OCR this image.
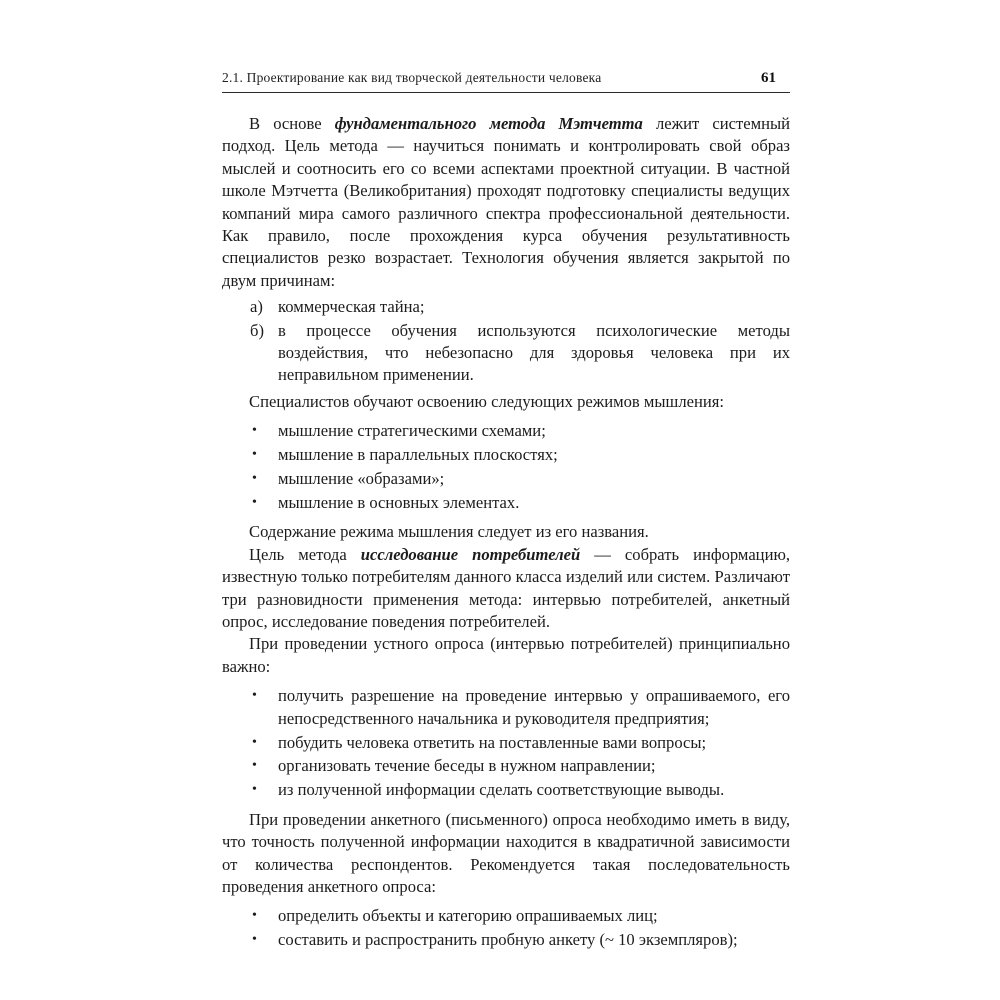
2.1. Проектирование как вид творческой деятельности человека	61

В основе фундаментального метода Мэтчетта лежит системный подход. Цель метода — научиться понимать и контролировать свой образ мыслей и соотносить его со всеми аспектами проектной ситуации. В частной школе Мэтчетта (Великобритания) проходят подготовку специалисты ведущих компаний мира самого различного спектра профессиональной деятельности. Как правило, после прохождения курса обучения результативность специалистов резко возрастает. Технология обучения является закрытой по двум причинам:

а) коммерческая тайна;
б) в процессе обучения используются психологические методы воздействия, что небезопасно для здоровья человека при их неправильном применении.

Специалистов обучают освоению следующих режимов мышления:

•	мышление стратегическими схемами;
•	мышление в параллельных плоскостях;
•	мышление «образами»;
•	мышление в основных элементах.

Содержание режима мышления следует из его названия.

Цель метода исследование потребителей — собрать информацию, известную только потребителям данного класса изделий или систем. Различают три разновидности применения метода: интервью потребителей, анкетный опрос, исследование поведения потребителей.

При проведении устного опроса (интервью потребителей) принципиально важно:

•	получить разрешение на проведение интервью у опрашиваемого, его непосредственного начальника и руководителя предприятия;
•	побудить человека ответить на поставленные вами вопросы;
•	организовать течение беседы в нужном направлении;
•	из полученной информации сделать соответствующие выводы.

При проведении анкетного (письменного) опроса необходимо иметь в виду, что точность полученной информации находится в квадратичной зависимости от количества респондентов. Рекомендуется такая последовательность проведения анкетного опроса:

•	определить объекты и категорию опрашиваемых лиц;
•	составить и распространить пробную анкету (~ 10 экземпляров);
